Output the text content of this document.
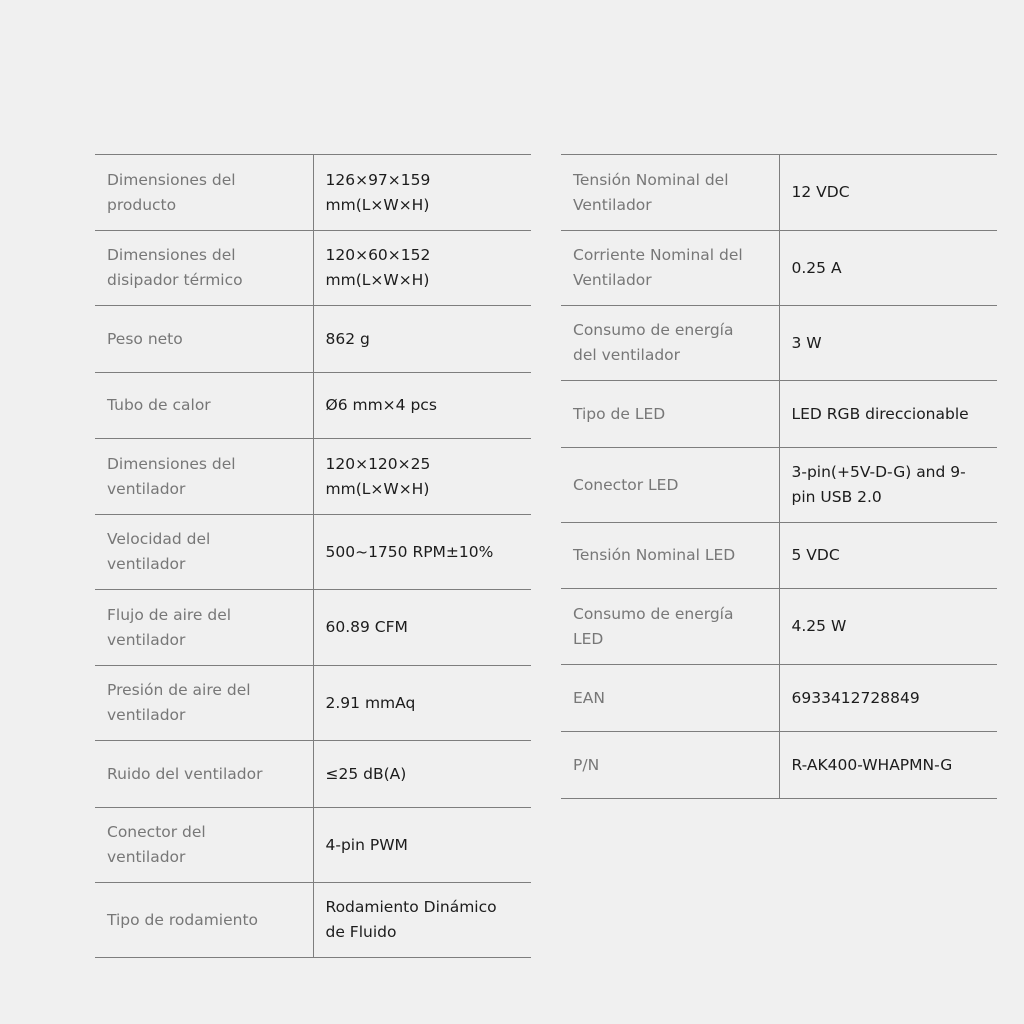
Dimensiones del
producto	126×97×159
mm(L×W×H)
Dimensiones del
disipador térmico	120×60×152
mm(L×W×H)
Peso neto	862 g
Tubo de calor	Ø6 mm×4 pcs
Dimensiones del
ventilador	120×120×25
mm(L×W×H)
Velocidad del
ventilador	500~1750 RPM±10%
Flujo de aire del
ventilador	60.89 CFM
Presión de aire del
ventilador	2.91 mmAq
Ruido del ventilador	≤25 dB(A)
Conector del
ventilador	4-pin PWM
Tipo de rodamiento	Rodamiento Dinámico
de Fluido
Tensión Nominal del
Ventilador	12 VDC
Corriente Nominal del
Ventilador	0.25 A
Consumo de energía
del ventilador	3 W
Tipo de LED	LED RGB direccionable
Conector LED	3-pin(+5V-D-G) and 9-
pin USB 2.0
Tensión Nominal LED	5 VDC
Consumo de energía
LED	4.25 W
EAN	6933412728849
P/N	R-AK400-WHAPMN-G
